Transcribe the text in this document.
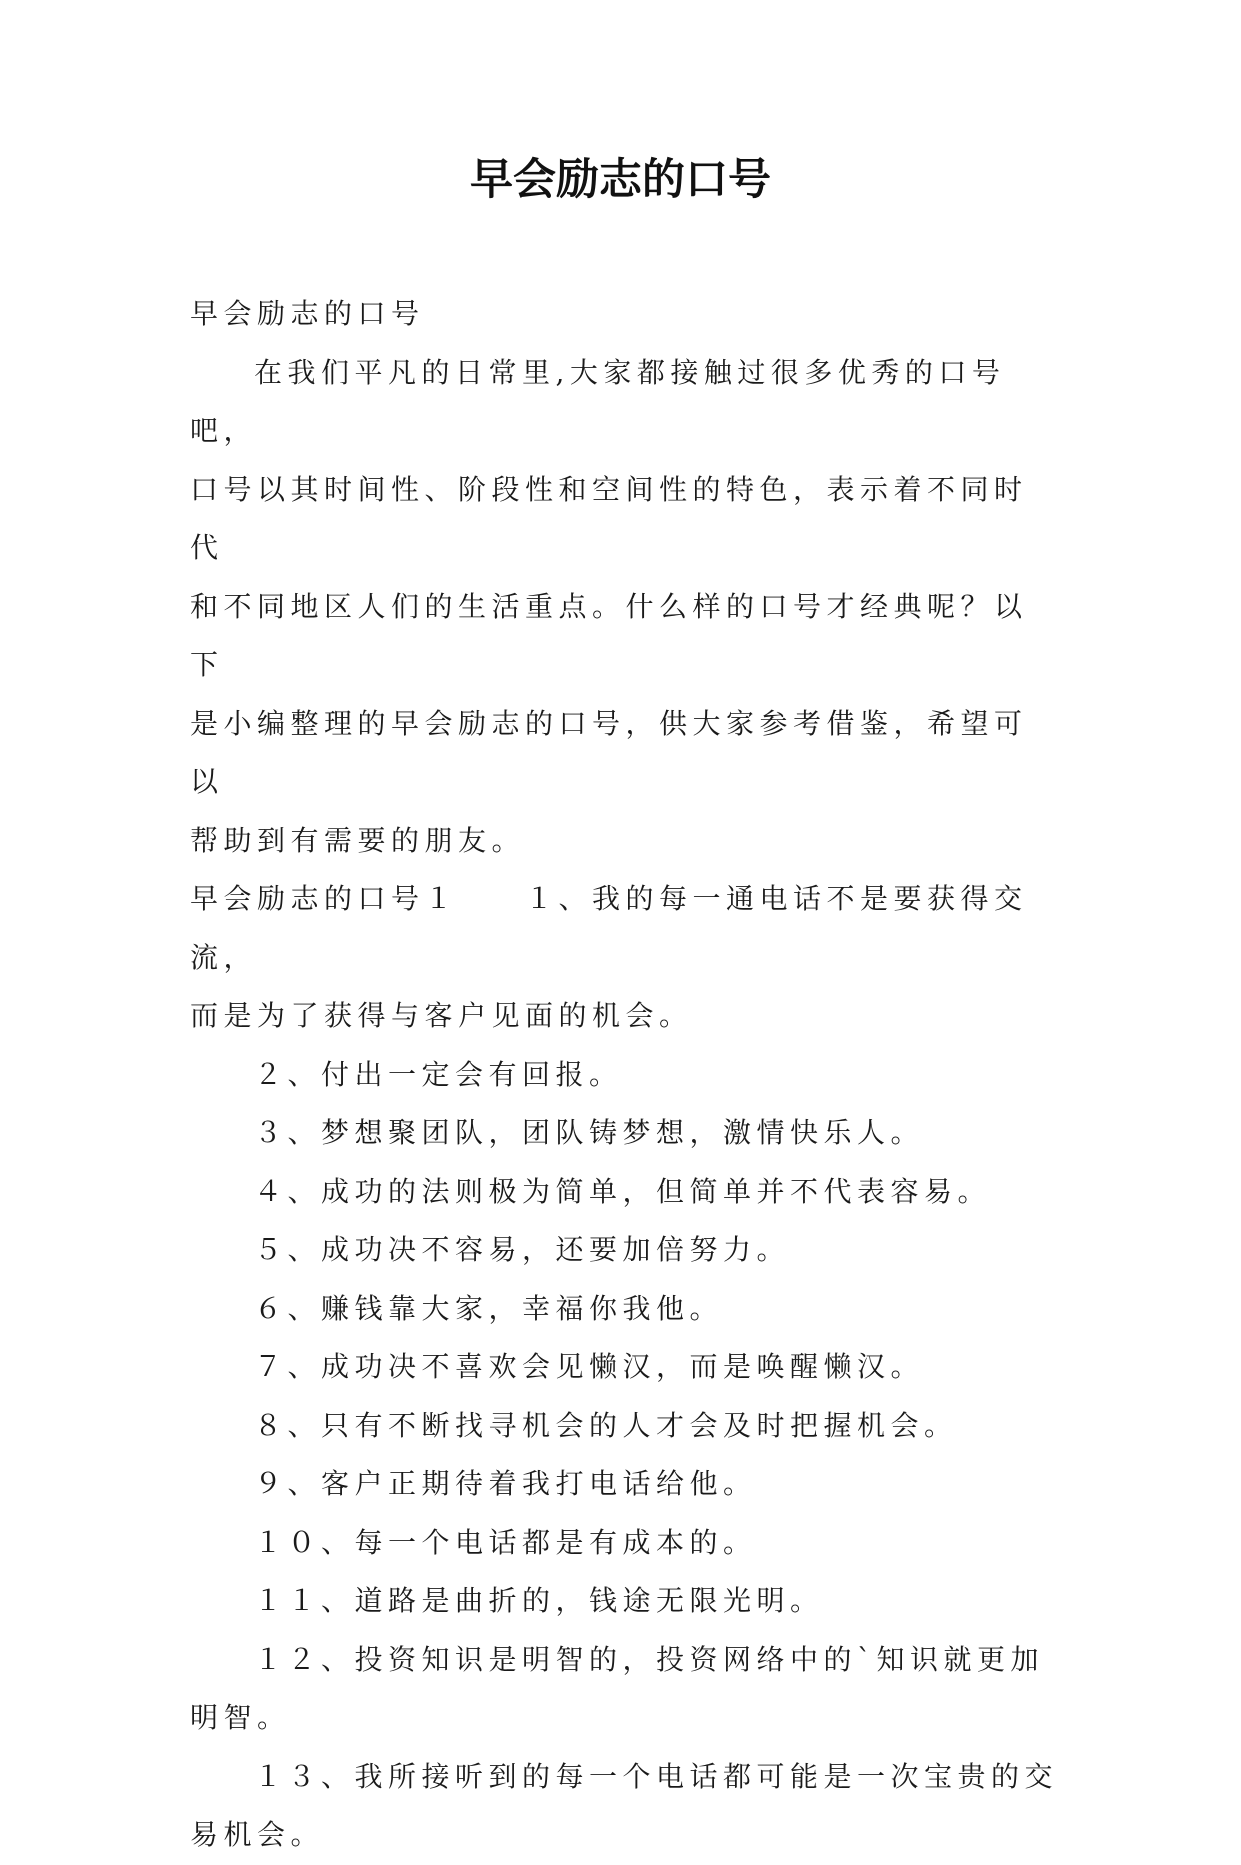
早会励志的口号

早会励志的口号

在我们平凡的日常里,大家都接触过很多优秀的口号吧，

口号以其时间性、阶段性和空间性的特色，表示着不同时代

和不同地区人们的生活重点。什么样的口号才经典呢？以下

是小编整理的早会励志的口号，供大家参考借鉴，希望可以

帮助到有需要的朋友。

早会励志的口号１　　１、我的每一通电话不是要获得交流，

而是为了获得与客户见面的机会。

２、付出一定会有回报。

３、梦想聚团队，团队铸梦想，激情快乐人。

４、成功的法则极为简单，但简单并不代表容易。

５、成功决不容易，还要加倍努力。

６、赚钱靠大家，幸福你我他。

７、成功决不喜欢会见懒汉，而是唤醒懒汉。

８、只有不断找寻机会的人才会及时把握机会。

９、客户正期待着我打电话给他。

１０、每一个电话都是有成本的。

１１、道路是曲折的，钱途无限光明。

１２、投资知识是明智的，投资网络中的`知识就更加

明智。

１３、我所接听到的每一个电话都可能是一次宝贵的交

易机会。
